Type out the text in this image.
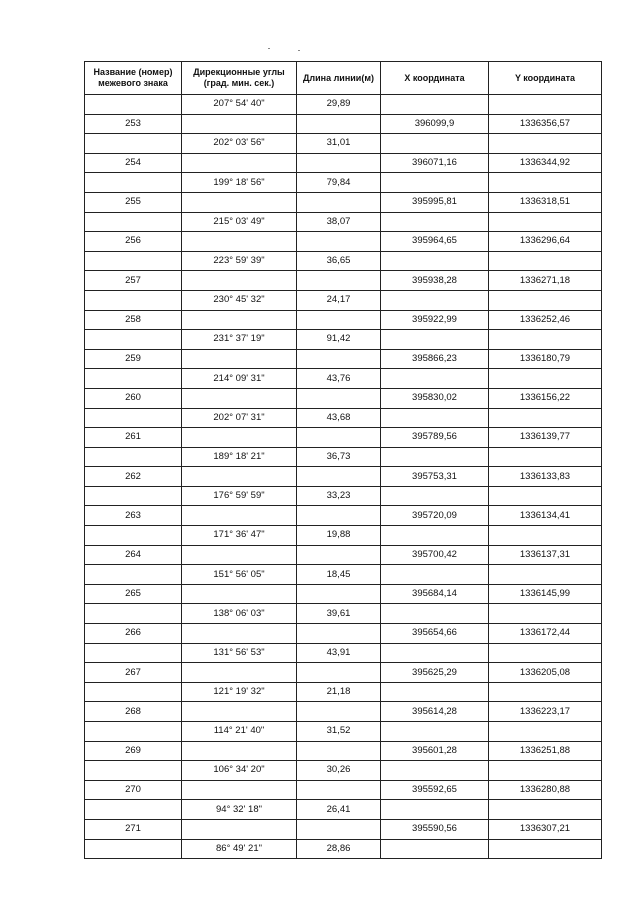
Название (номер) межевого знака	Дирекционные углы (град. мин. сек.)	Длина линии(м)	X координата	Y координата
	207° 54' 40"	29,89		
253			396099,9	1336356,57
	202° 03' 56"	31,01		
254			396071,16	1336344,92
	199° 18' 56"	79,84		
255			395995,81	1336318,51
	215° 03' 49"	38,07		
256			395964,65	1336296,64
	223° 59' 39"	36,65		
257			395938,28	1336271,18
	230° 45' 32"	24,17		
258			395922,99	1336252,46
	231° 37' 19"	91,42		
259			395866,23	1336180,79
	214° 09' 31"	43,76		
260			395830,02	1336156,22
	202° 07' 31"	43,68		
261			395789,56	1336139,77
	189° 18' 21"	36,73		
262			395753,31	1336133,83
	176° 59' 59"	33,23		
263			395720,09	1336134,41
	171° 36' 47"	19,88		
264			395700,42	1336137,31
	151° 56' 05"	18,45		
265			395684,14	1336145,99
	138° 06' 03"	39,61		
266			395654,66	1336172,44
	131° 56' 53"	43,91		
267			395625,29	1336205,08
	121° 19' 32"	21,18		
268			395614,28	1336223,17
	114° 21' 40"	31,52		
269			395601,28	1336251,88
	106° 34' 20"	30,26		
270			395592,65	1336280,88
	94° 32' 18"	26,41		
271			395590,56	1336307,21
	86° 49' 21"	28,86		
